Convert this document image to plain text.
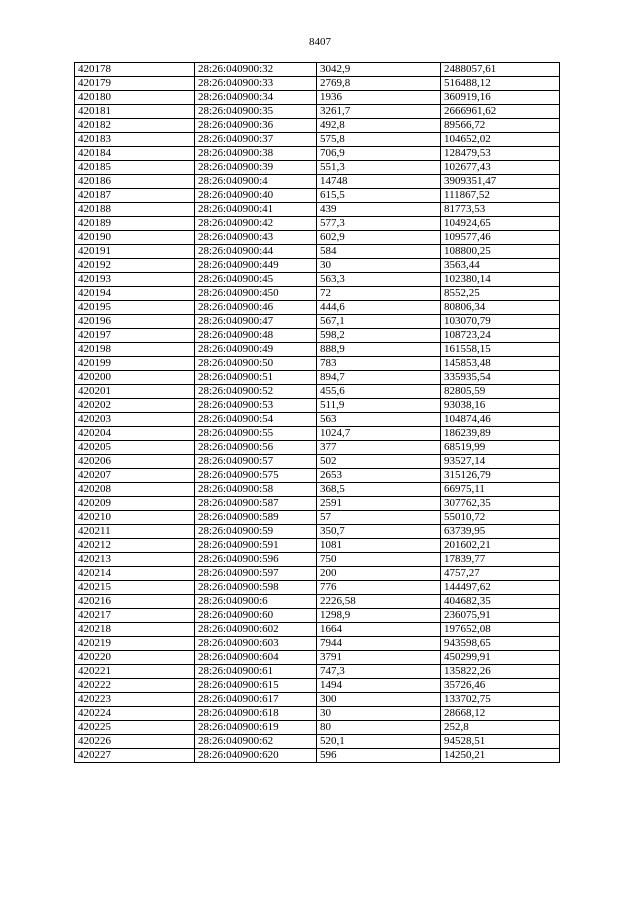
8407
420178	28:26:040900:32	3042,9	2488057,61
420179	28:26:040900:33	2769,8	516488,12
420180	28:26:040900:34	1936	360919,16
420181	28:26:040900:35	3261,7	2666961,62
420182	28:26:040900:36	492,8	89566,72
420183	28:26:040900:37	575,8	104652,02
420184	28:26:040900:38	706,9	128479,53
420185	28:26:040900:39	551,3	102677,43
420186	28:26:040900:4	14748	3909351,47
420187	28:26:040900:40	615,5	111867,52
420188	28:26:040900:41	439	81773,53
420189	28:26:040900:42	577,3	104924,65
420190	28:26:040900:43	602,9	109577,46
420191	28:26:040900:44	584	108800,25
420192	28:26:040900:449	30	3563,44
420193	28:26:040900:45	563,3	102380,14
420194	28:26:040900:450	72	8552,25
420195	28:26:040900:46	444,6	80806,34
420196	28:26:040900:47	567,1	103070,79
420197	28:26:040900:48	598,2	108723,24
420198	28:26:040900:49	888,9	161558,15
420199	28:26:040900:50	783	145853,48
420200	28:26:040900:51	894,7	335935,54
420201	28:26:040900:52	455,6	82805,59
420202	28:26:040900:53	511,9	93038,16
420203	28:26:040900:54	563	104874,46
420204	28:26:040900:55	1024,7	186239,89
420205	28:26:040900:56	377	68519,99
420206	28:26:040900:57	502	93527,14
420207	28:26:040900:575	2653	315126,79
420208	28:26:040900:58	368,5	66975,11
420209	28:26:040900:587	2591	307762,35
420210	28:26:040900:589	57	55010,72
420211	28:26:040900:59	350,7	63739,95
420212	28:26:040900:591	1081	201602,21
420213	28:26:040900:596	750	17839,77
420214	28:26:040900:597	200	4757,27
420215	28:26:040900:598	776	144497,62
420216	28:26:040900:6	2226,58	404682,35
420217	28:26:040900:60	1298,9	236075,91
420218	28:26:040900:602	1664	197652,08
420219	28:26:040900:603	7944	943598,65
420220	28:26:040900:604	3791	450299,91
420221	28:26:040900:61	747,3	135822,26
420222	28:26:040900:615	1494	35726,46
420223	28:26:040900:617	300	133702,75
420224	28:26:040900:618	30	28668,12
420225	28:26:040900:619	80	252,8
420226	28:26:040900:62	520,1	94528,51
420227	28:26:040900:620	596	14250,21
